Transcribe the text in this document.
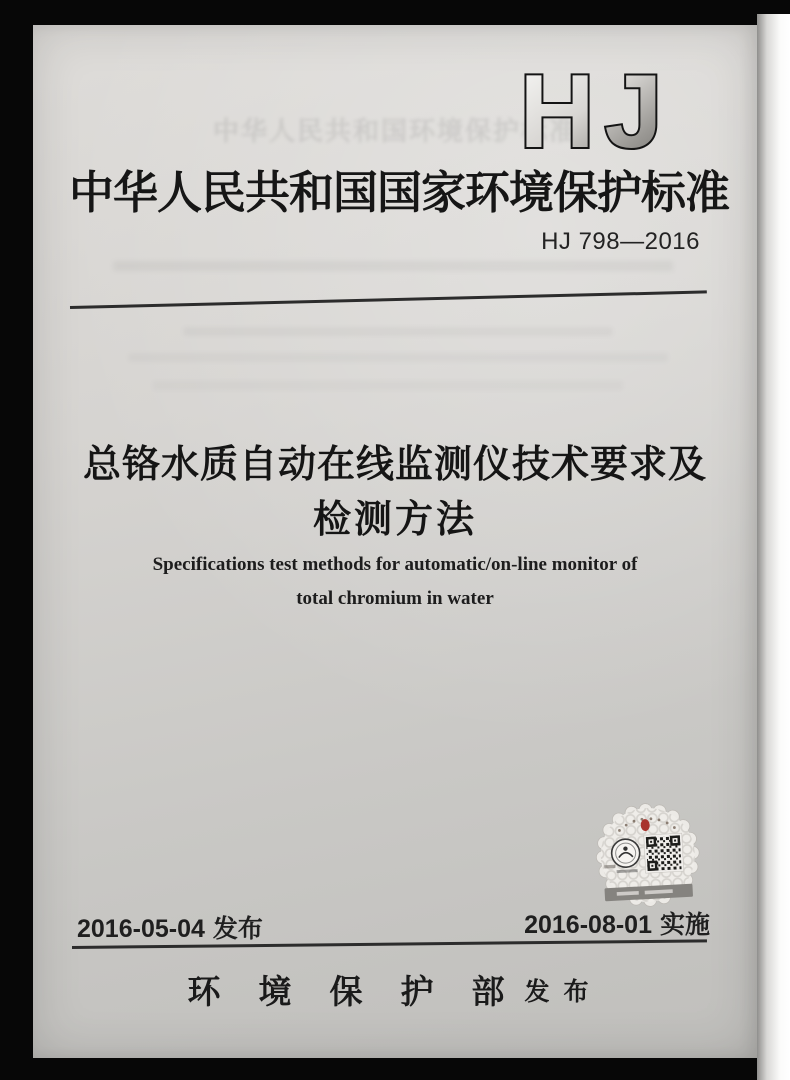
中华人民共和国环境保护标准
HJ
中华人民共和国国家环境保护标准
HJ 798—2016
总铬水质自动在线监测仪技术要求及
检测方法
Specifications test methods for automatic/on-line monitor of
total chromium in water
2016-05-04 发布	2016-08-01 实施
环境保护部发布
